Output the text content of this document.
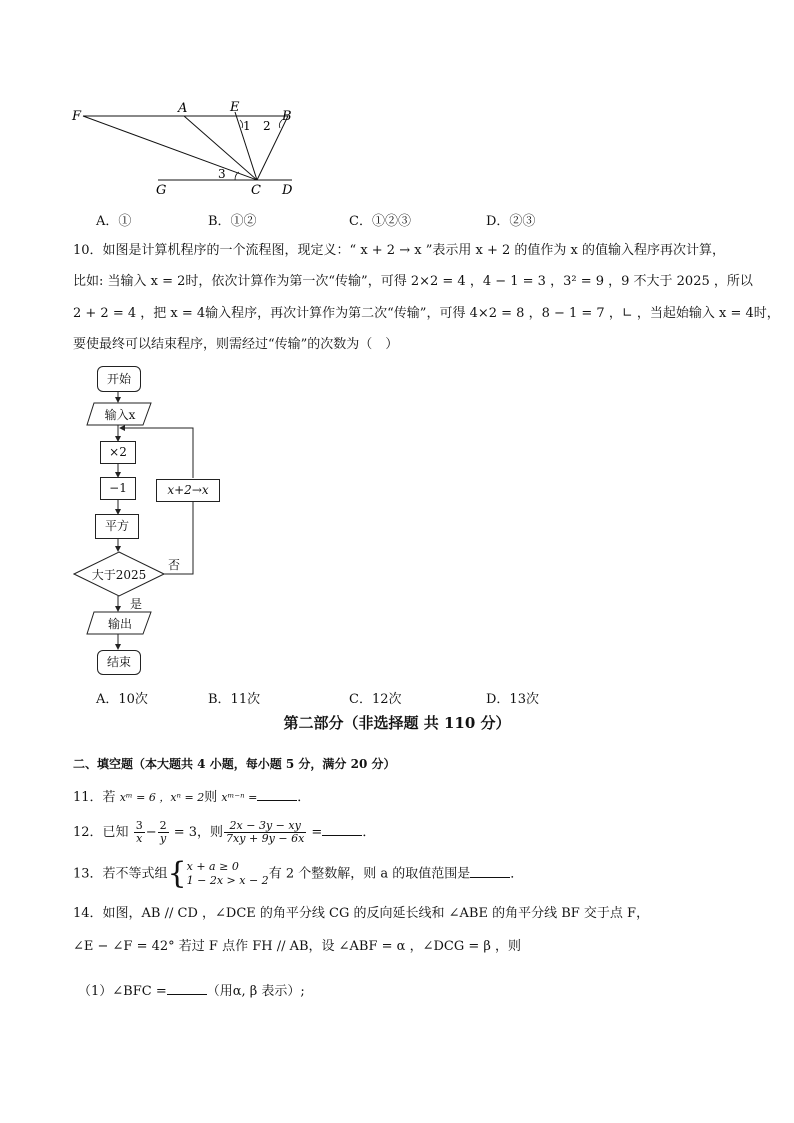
F
A	E
B
1 2
3
G	C D
A．①	B．①②	C．①②③	D．②③
10．如图是计算机程序的一个流程图，现定义：“ x + 2 → x ”表示用 x + 2 的值作为 x 的值输入程序再次计算，
比如: 当输入 x = 2时，依次计算作为第一次“传输”，可得 2×2 = 4 ，4 − 1 = 3 ，3² = 9 ，9 不大于 2025 ，所以
2 + 2 = 4 ，把 x = 4输入程序，再次计算作为第二次“传输”，可得 4×2 = 8 ，8 − 1 = 7 ，∟ ，当起始输入 x = 4时，
要使最终可以结束程序，则需经过“传输”的次数为（　）
开始
输入x
×2
−1
平方
大于2025
否
是
x+2→x
输出
结束
A．10次	B．11次	C．12次	D．13次
第二部分（非选择题 共 110 分）
二、填空题（本大题共 4 小题，每小题 5 分，满分 20 分）
11．若 xᵐ = 6 ，xⁿ = 2则 xᵐ⁻ⁿ =	．
12．已知 $\frac{3}{x} - \frac{2}{y} = 3$，则 $\frac{2x - 3y - xy}{7xy + 9y - 6x}$ =	．
13．若不等式组{ x + a ≥ 0
1 − 2x > x − 2 有 2 个整数解，则 a 的取值范围是	．
14．如图，AB // CD ，∠DCE 的角平分线 CG 的反向延长线和 ∠ABE 的角平分线 BF 交于点 F，
∠E − ∠F = 42° 若过 F 点作 FH // AB，设 ∠ABF = α ，∠DCG = β ，则
（1）∠BFC =	（用α, β 表示）;
